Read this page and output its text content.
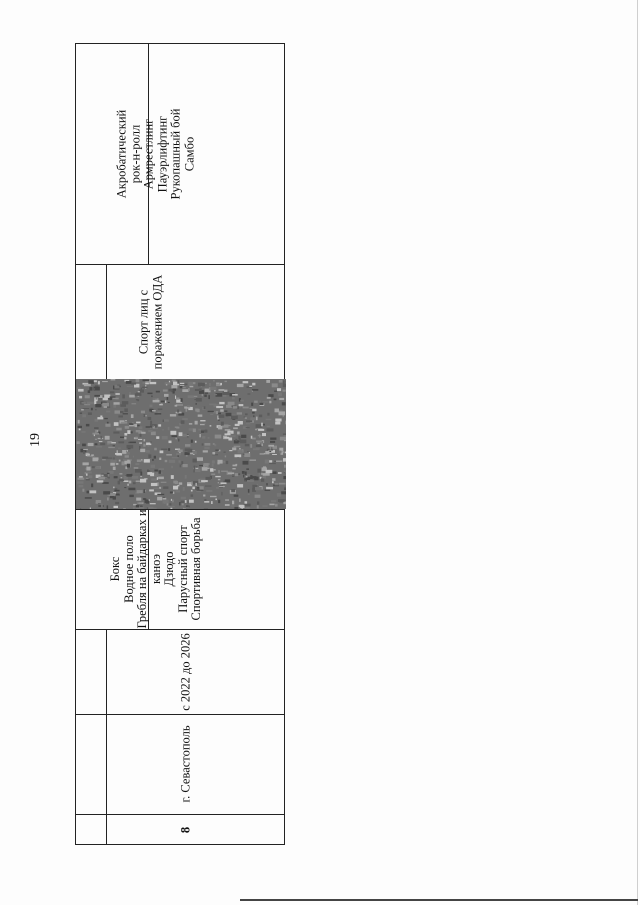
19
Акробатический рок-н-ролл Армрестлинг Пауэрлифтинг Рукопашный бой Самбо
Спорт лиц с поражением ОДА
Бокс Водное поло Гребля на байдарках и каноэ Дзюдо Парусный спорт Спортивная борьба
с 2022 до 2026
г. Севастополь
8
